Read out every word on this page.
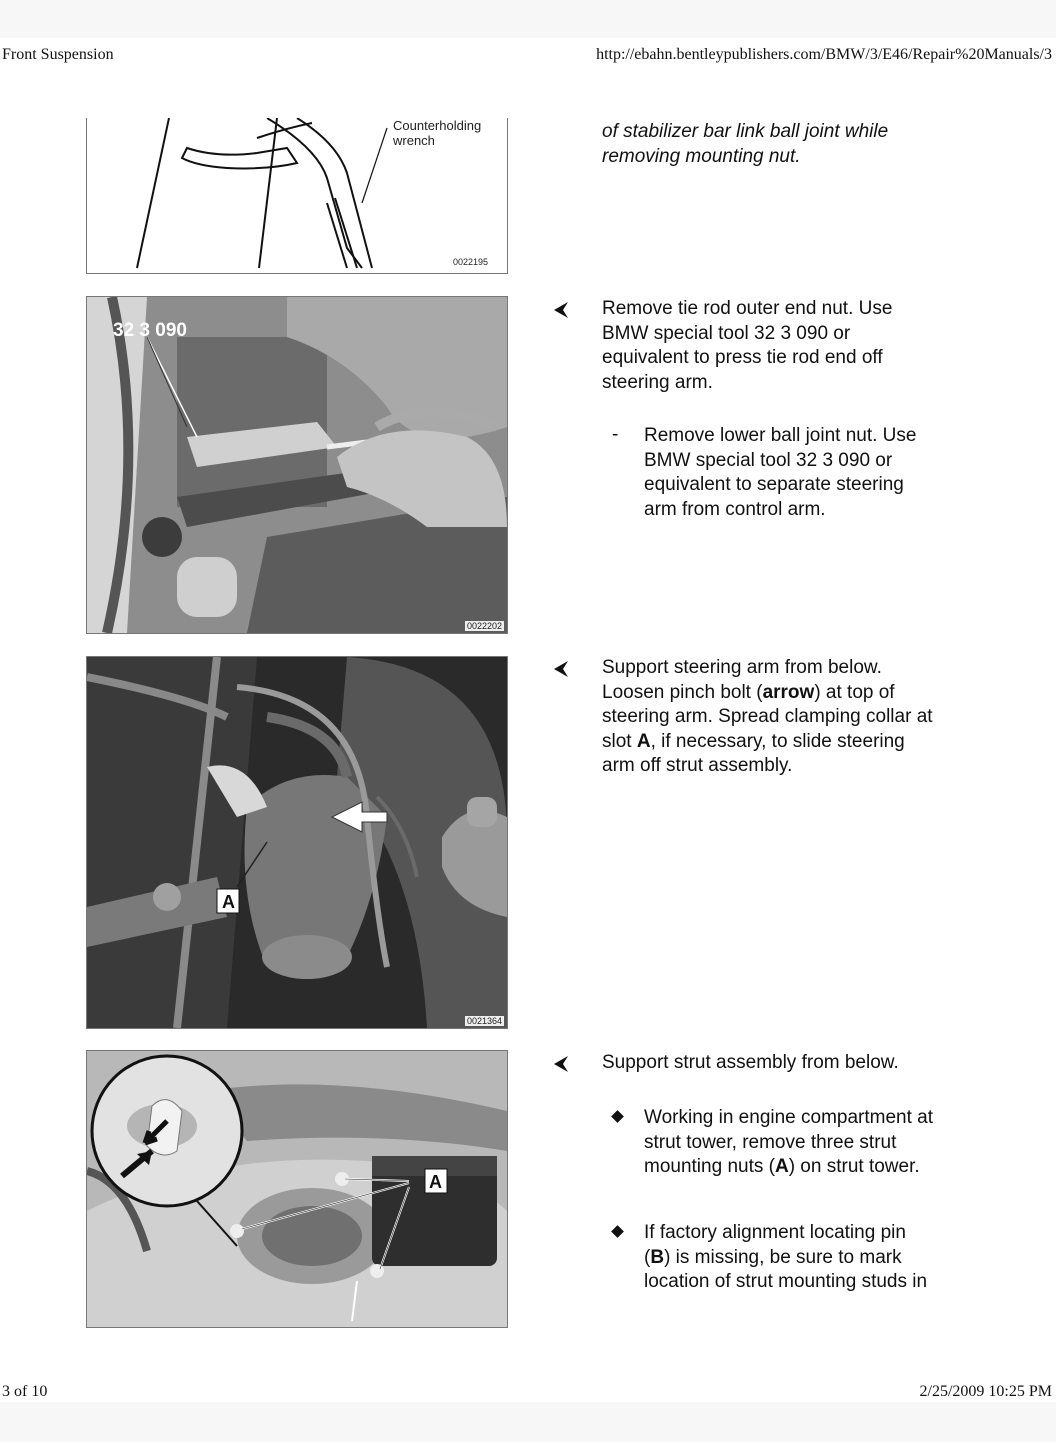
Front Suspension	http://ebahn.bentleypublishers.com/BMW/3/E46/Repair%20Manuals/3
Counterholding
wrench
0022195
32 3 090
0022202
A
0021364
A
of stabilizer bar link ball joint while
removing mounting nut.
Remove tie rod outer end nut. Use
BMW special tool 32 3 090 or
equivalent to press tie rod end off
steering arm.
- Remove lower ball joint nut. Use
BMW special tool 32 3 090 or
equivalent to separate steering
arm from control arm.
Support steering arm from below.
Loosen pinch bolt (arrow) at top of
steering arm. Spread clamping collar at
slot A, if necessary, to slide steering
arm off strut assembly.
Support strut assembly from below.
Working in engine compartment at
strut tower, remove three strut
mounting nuts (A) on strut tower.
If factory alignment locating pin
(B) is missing, be sure to mark
location of strut mounting studs in
3 of 10	2/25/2009 10:25 PM
